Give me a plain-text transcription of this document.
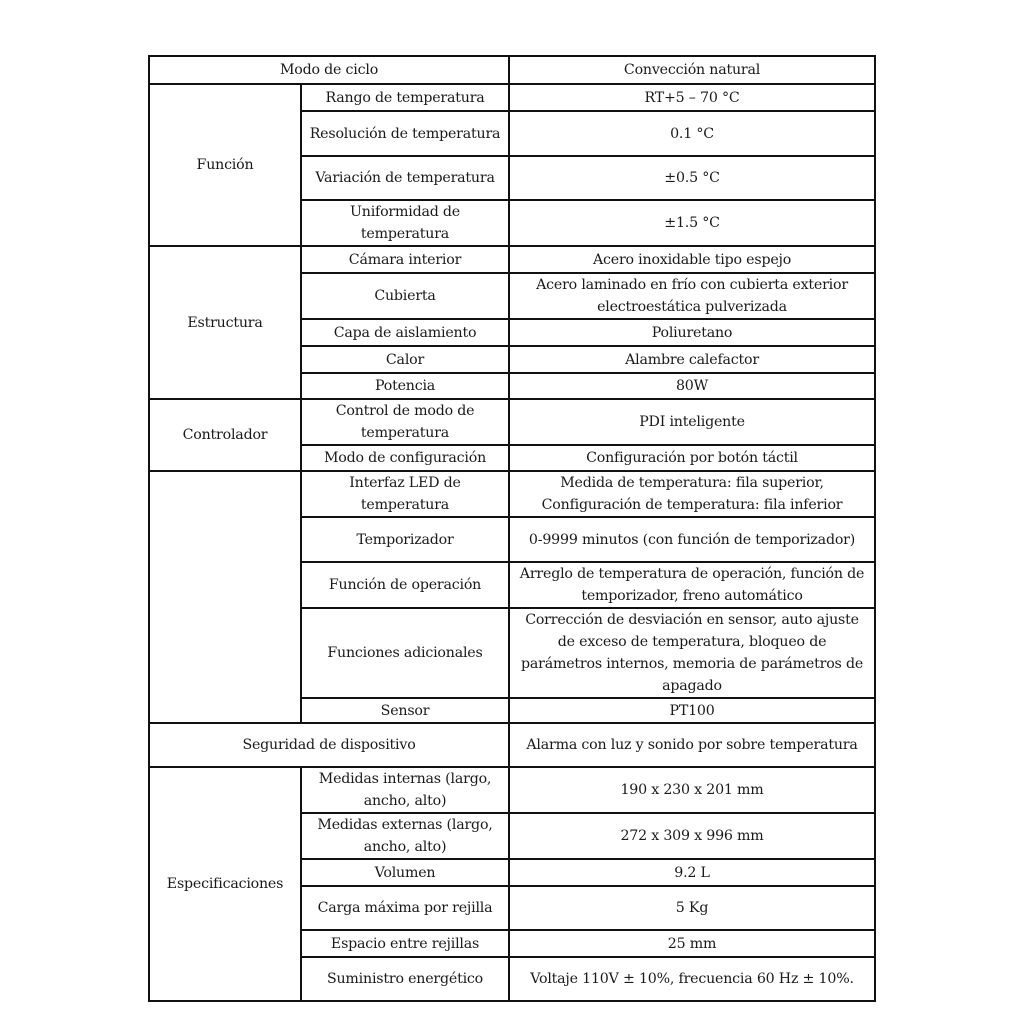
Modo de ciclo		Convección natural
Función	Rango de temperatura	RT+5 – 70 °C
	Resolución de temperatura	0.1 °C
	Variación de temperatura	±0.5 °C
	Uniformidad de temperatura	±1.5 °C
Estructura	Cámara interior	Acero inoxidable tipo espejo
	Cubierta	Acero laminado en frío con cubierta exterior electroestática pulverizada
	Capa de aislamiento	Poliuretano
	Calor	Alambre calefactor
	Potencia	80W
Controlador	Control de modo de temperatura	PDI inteligente
	Modo de configuración	Configuración por botón táctil
	Interfaz LED de temperatura	Medida de temperatura: fila superior, Configuración de temperatura: fila inferior
	Temporizador	0-9999 minutos (con función de temporizador)
	Función de operación	Arreglo de temperatura de operación, función de temporizador, freno automático
	Funciones adicionales	Corrección de desviación en sensor, auto ajuste de exceso de temperatura, bloqueo de parámetros internos, memoria de parámetros de apagado
	Sensor	PT100
Seguridad de dispositivo		Alarma con luz y sonido por sobre temperatura
Especificaciones	Medidas internas (largo, ancho, alto)	190 x 230 x 201 mm
	Medidas externas (largo, ancho, alto)	272 x 309 x 996 mm
	Volumen	9.2 L
	Carga máxima por rejilla	5 Kg
	Espacio entre rejillas	25 mm
	Suministro energético	Voltaje 110V ± 10%, frecuencia 60 Hz ± 10%.
